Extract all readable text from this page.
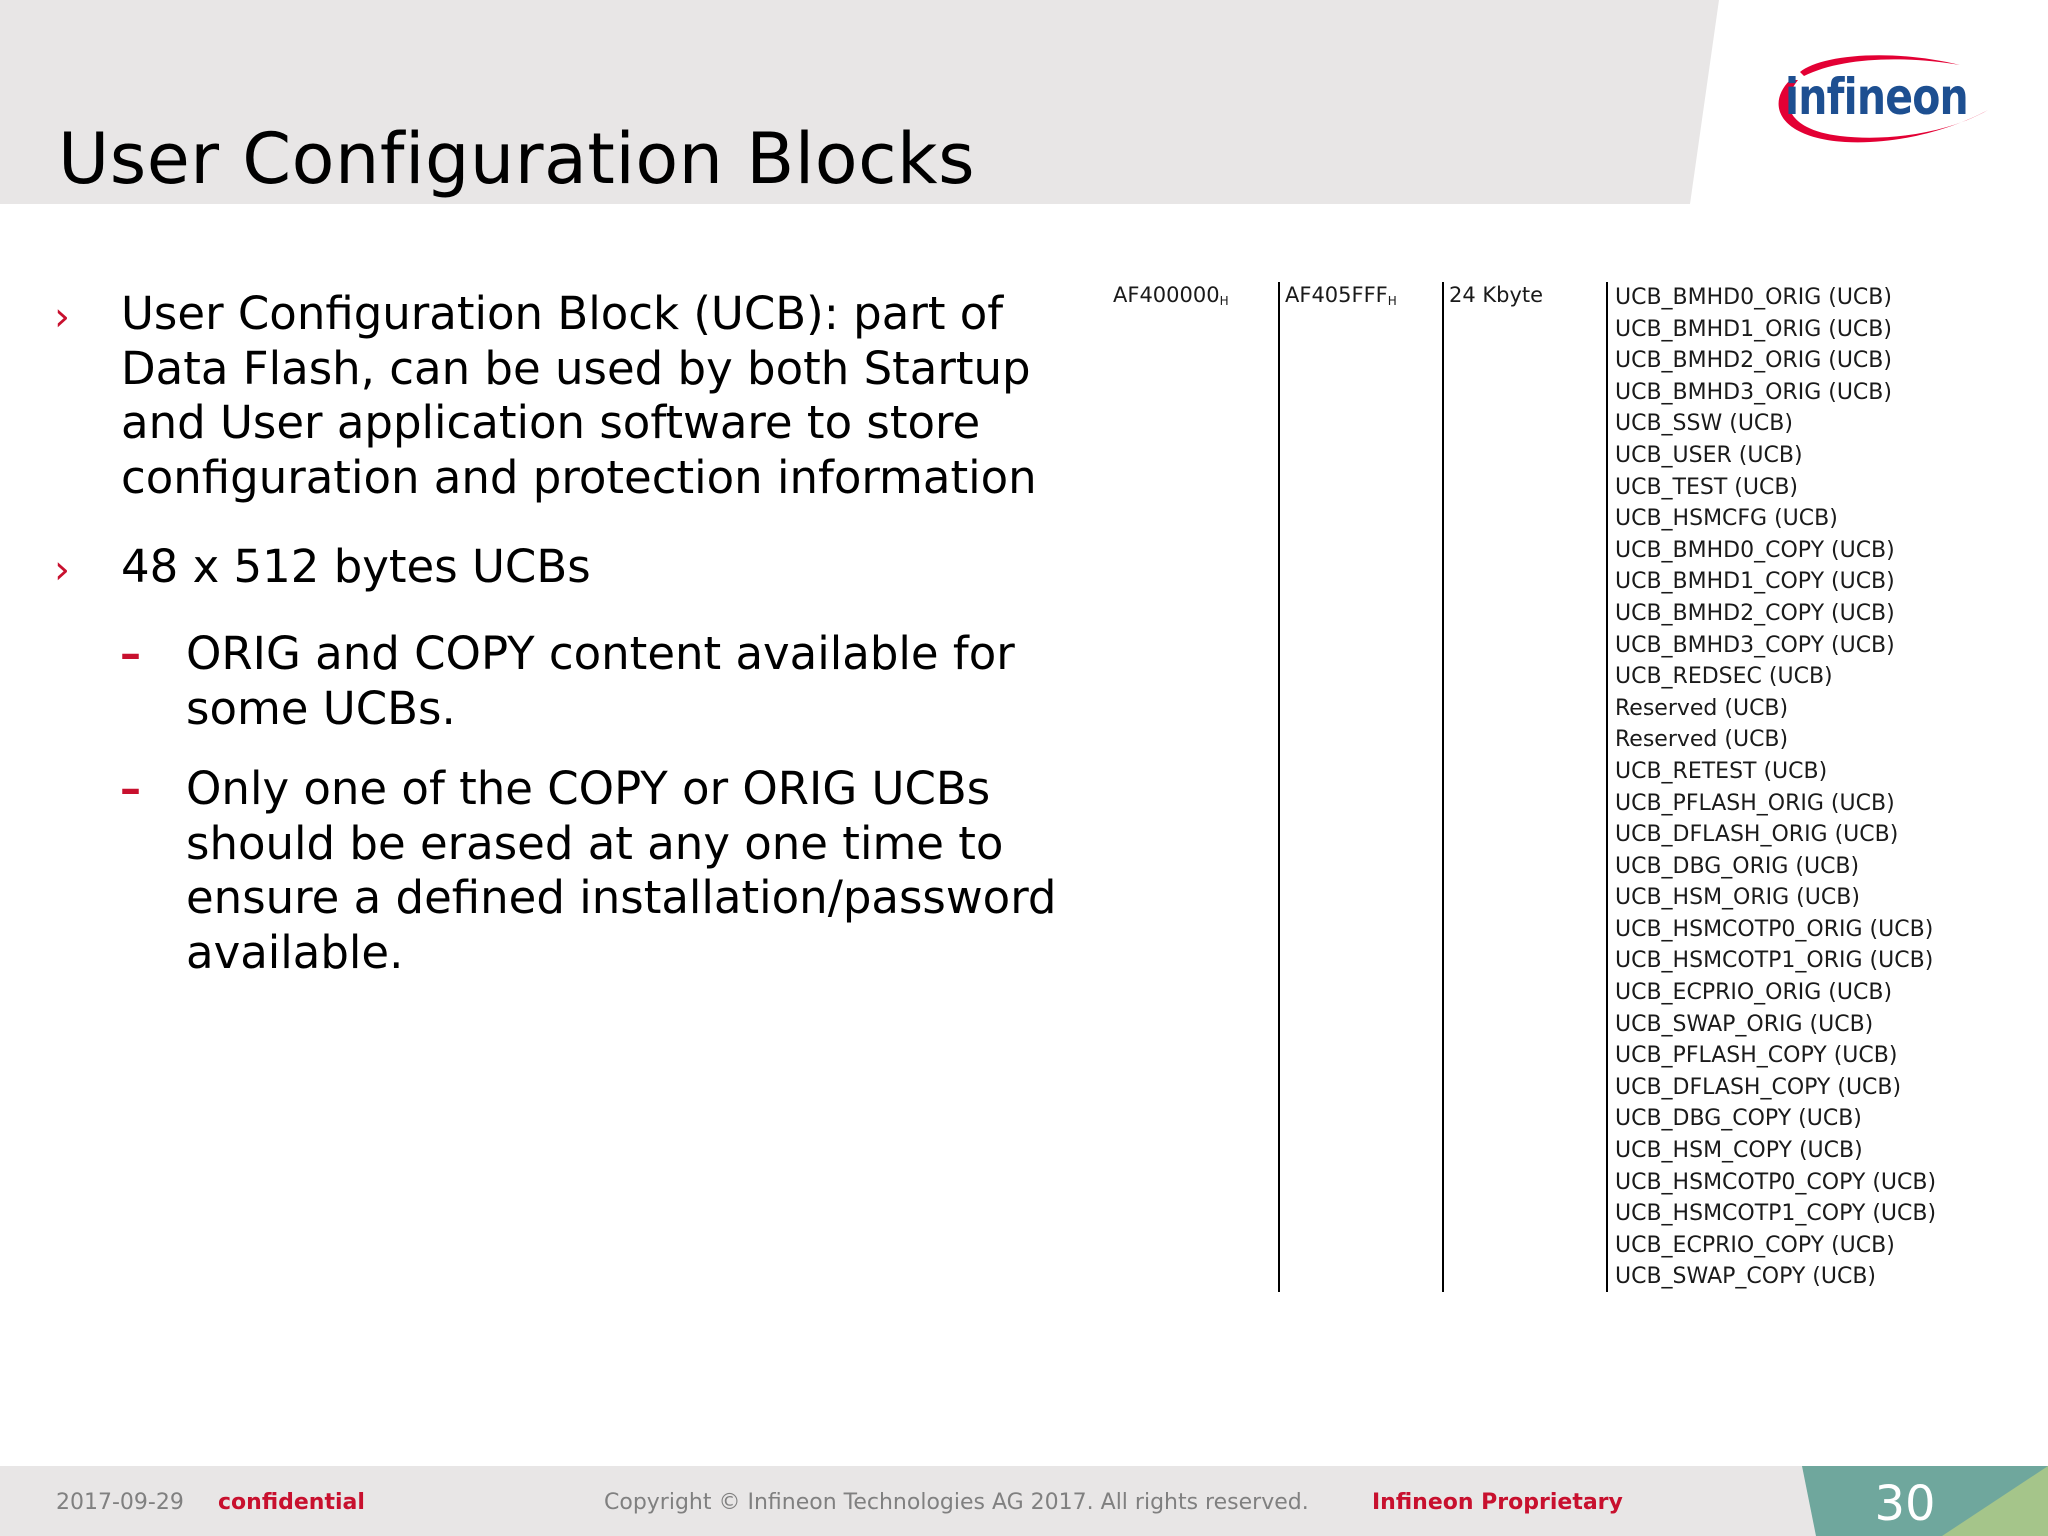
User Configuration Blocks
infineon
›	User Configuration Block (UCB): part of
Data Flash, can be used by both Startup
and User application software to store
configuration and protection information
›	48 x 512 bytes UCBs
–	ORIG and COPY content available for
some UCBs.
–	Only one of the COPY or ORIG UCBs
should be erased at any one time to
ensure a defined installation/password
available.
$AF400000_H$	$AF405FFF_H$ 24 Kbyte	UCB_BMHD0_ORIG (UCB)
UCB_BMHD1_ORIG (UCB)
UCB_BMHD2_ORIG (UCB)
UCB_BMHD3_ORIG (UCB)
UCB_SSW (UCB)
UCB_USER (UCB)
UCB_TEST (UCB)
UCB_HSMCFG (UCB)
UCB_BMHD0_COPY (UCB)
UCB_BMHD1_COPY (UCB)
UCB_BMHD2_COPY (UCB)
UCB_BMHD3_COPY (UCB)
UCB_REDSEC (UCB)
Reserved (UCB)
Reserved (UCB)
UCB_RETEST (UCB)
UCB_PFLASH_ORIG (UCB)
UCB_DFLASH_ORIG (UCB)
UCB_DBG_ORIG (UCB)
UCB_HSM_ORIG (UCB)
UCB_HSMCOTP0_ORIG (UCB)
UCB_HSMCOTP1_ORIG (UCB)
UCB_ECPRIO_ORIG (UCB)
UCB_SWAP_ORIG (UCB)
UCB_PFLASH_COPY (UCB)
UCB_DFLASH_COPY (UCB)
UCB_DBG_COPY (UCB)
UCB_HSM_COPY (UCB)
UCB_HSMCOTP0_COPY (UCB)
UCB_HSMCOTP1_COPY (UCB)
UCB_ECPRIO_COPY (UCB)
UCB_SWAP_COPY (UCB)
2017-09-29 confidential	Copyright © Infineon Technologies AG 2017. All rights reserved.	Infineon Proprietary	30
